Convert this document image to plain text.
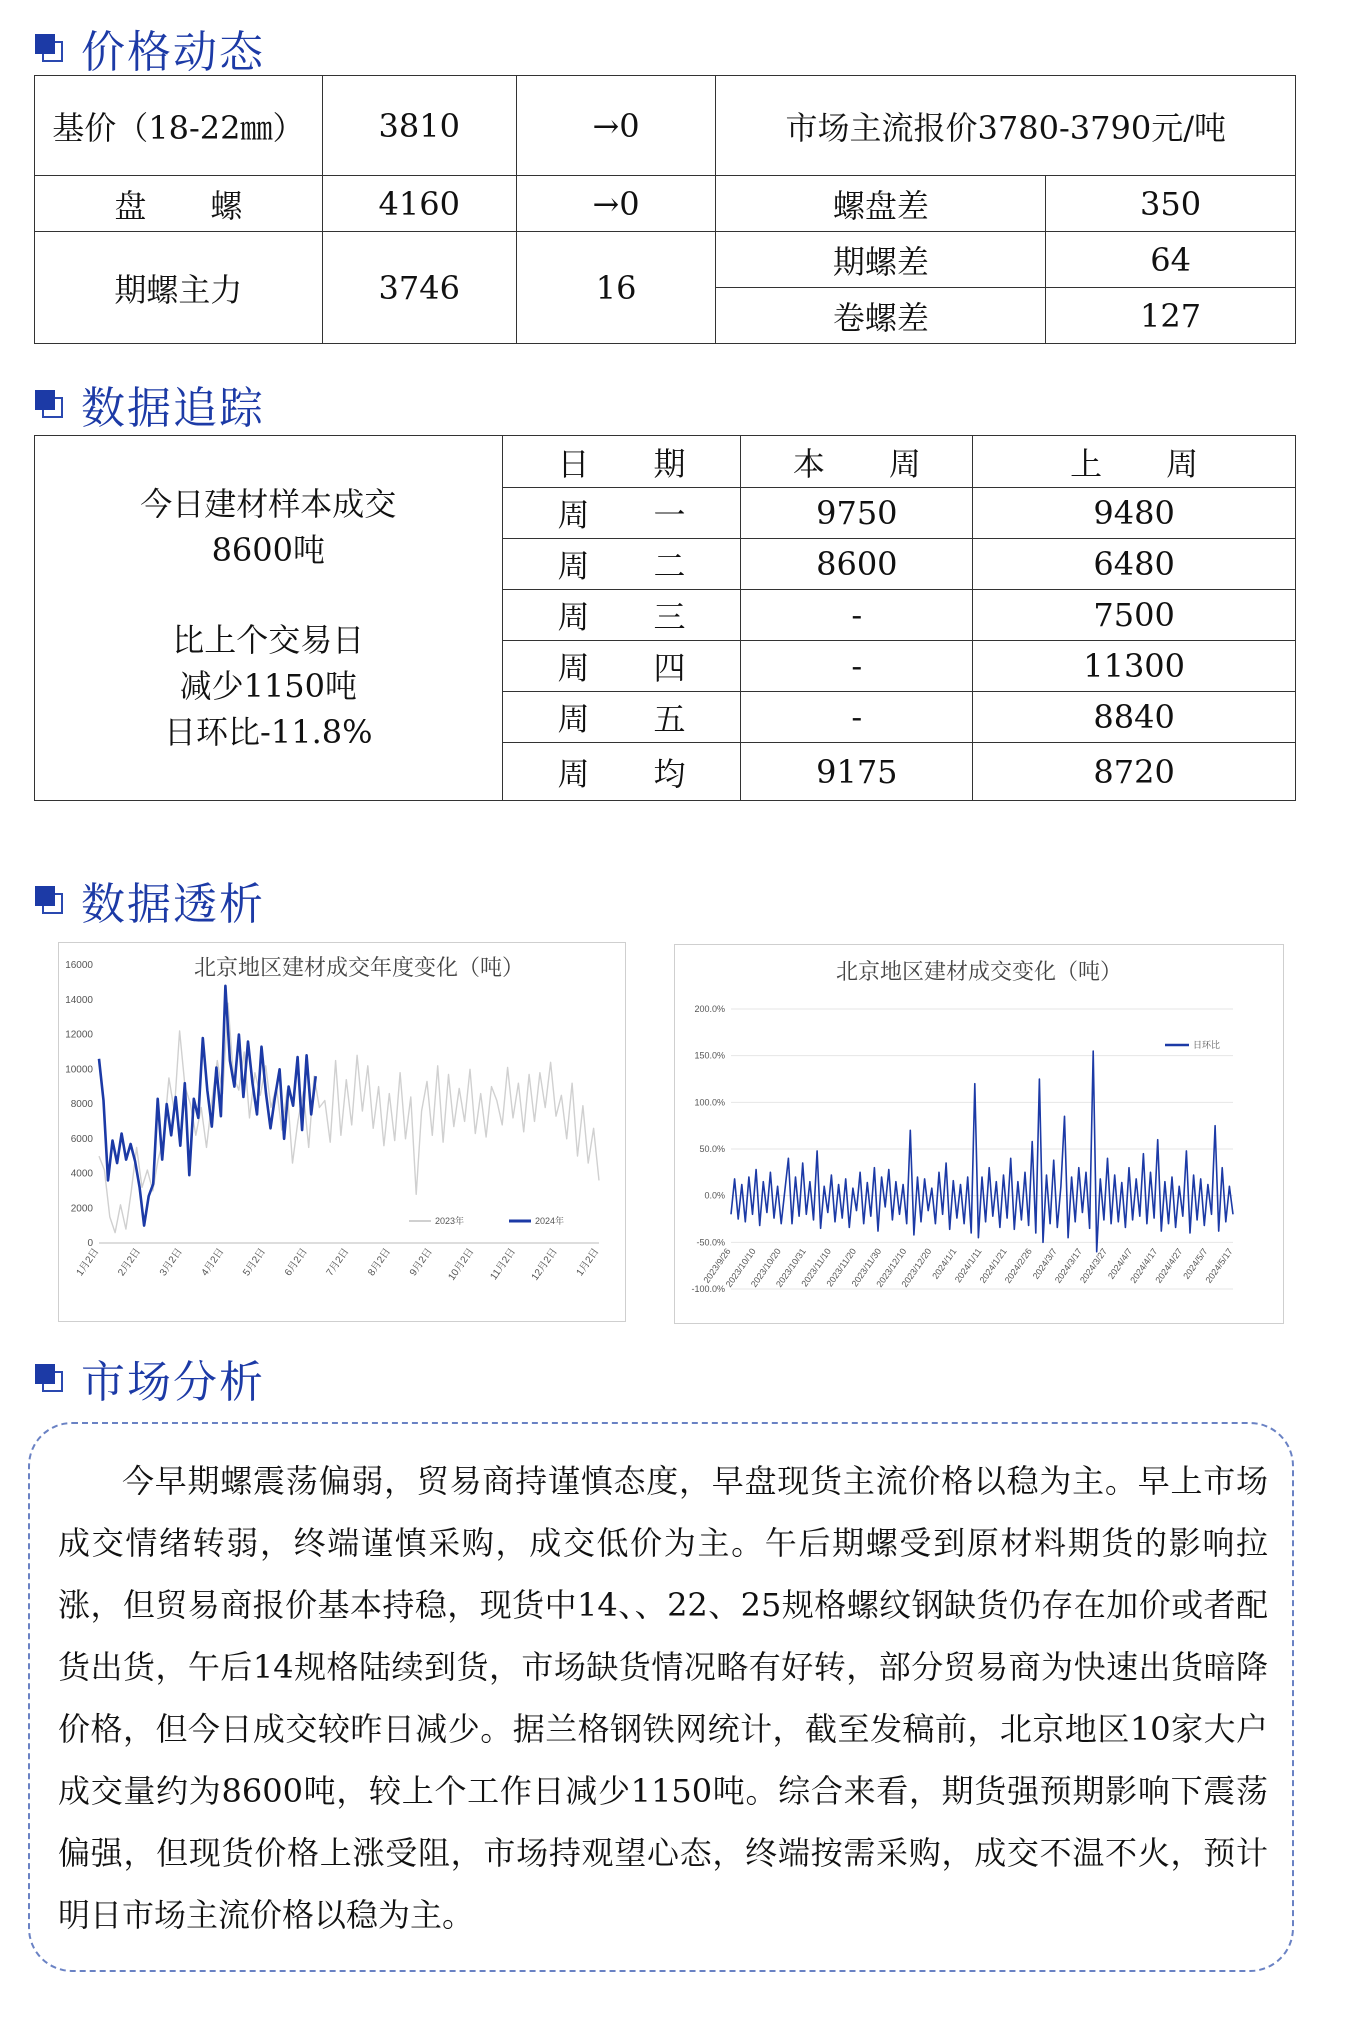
价格动态
基价（18-22㎜）	3810	→0	市场主流报价3780-3790元/吨	
盘　　螺	4160	→0	螺盘差	350
期螺主力	3746	16	期螺差	64
			卷螺差	127
数据追踪
今日建材样本成交
8600吨
比上个交易日
减少1150吨
日环比-11.8%	日　　期	本　　周	上　　周
	周　　一	9750	9480
	周　　二	8600	6480
	周　　三	-	7500
	周　　四	-	11300
	周　　五	-	8840
	周　　均	9175	8720
数据透析
北京地区建材成交年度变化（吨）
0
2000
4000
6000
8000
10000
12000
14000
16000
1月2日 2月2日 3月2日 4月2日 5月2日 6月2日 7月2日 8月2日 9月2日 10月2日 11月2日 12月2日 1月2日
2023年	2024年
北京地区建材成交变化（吨）
200.0%
150.0%
100.0%
50.0%
0.0%
-50.0%
-100.0%
2023/9/26
2023/10/10
2023/10/20
2023/10/31
2023/11/10
2023/11/20
2023/11/30
2023/12/10
2023/12/20
2024/1/1
2024/1/11
2024/1/21
2024/2/26
2024/3/7
2024/3/17
2024/3/27
2024/4/7
2024/4/17
2024/4/27
2024/5/7
2024/5/17
日环比
市场分析

今早期螺震荡偏弱，贸易商持谨慎态度，早盘现货主流价格以稳为主。早上市场成交情绪转弱，终端谨慎采购，成交低价为主。午后期螺受到原材料期货的影响拉涨，但贸易商报价基本持稳，现货中14、、22、25规格螺纹钢缺货仍存在加价或者配货出货，午后14规格陆续到货，市场缺货情况略有好转，部分贸易商为快速出货暗降价格，但今日成交较昨日减少。据兰格钢铁网统计，截至发稿前，北京地区10家大户成交量约为8600吨，较上个工作日减少1150吨。综合来看，期货强预期影响下震荡偏强，但现货价格上涨受阻，市场持观望心态，终端按需采购，成交不温不火，预计明日市场主流价格以稳为主。
